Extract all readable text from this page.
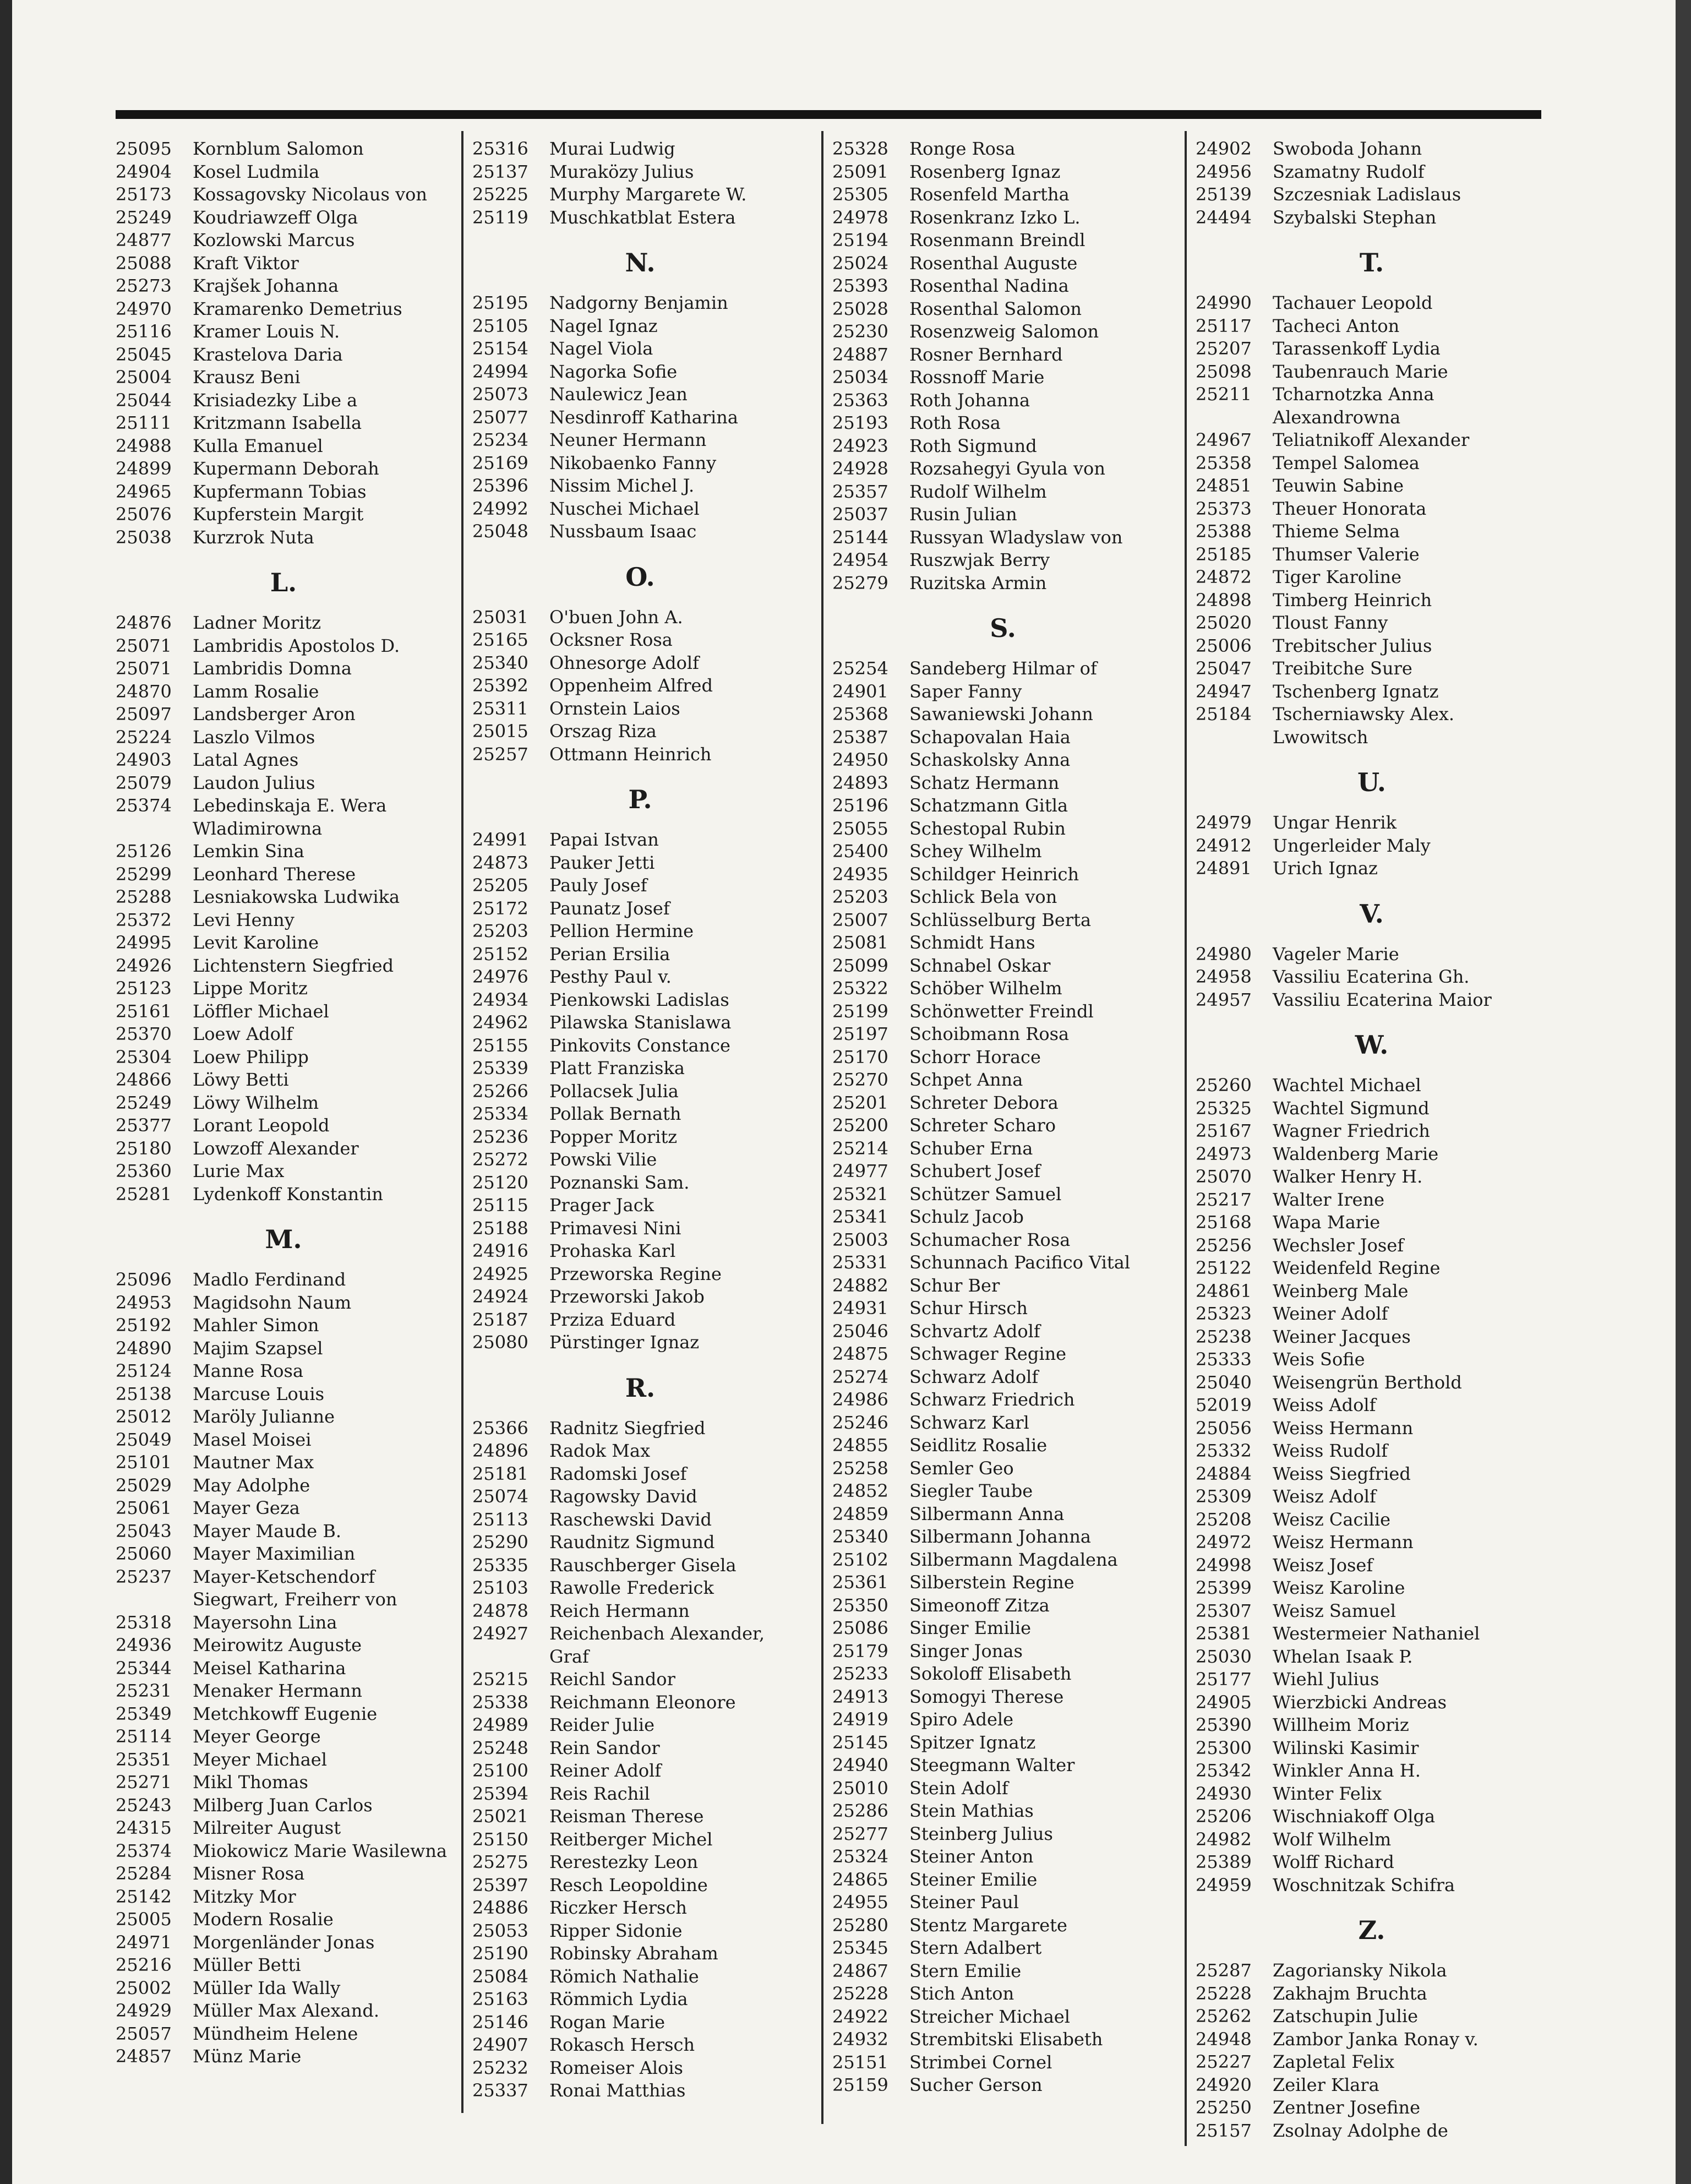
25095	Kornblum Salomon
24904	Kosel Ludmila
25173	Kossagovsky Nicolaus von
25249	Koudriawzeff Olga
24877	Kozlowski Marcus
25088	Kraft Viktor
25273	Krajšek Johanna
24970	Kramarenko Demetrius
25116	Kramer Louis N.
25045	Krastelova Daria
25004	Krausz Beni
25044	Krisiadezky Libe a
25111	Kritzmann Isabella
24988	Kulla Emanuel
24899	Kupermann Deborah
24965	Kupfermann Tobias
25076	Kupferstein Margit
25038	Kurzrok Nuta
L.
24876	Ladner Moritz
25071	Lambridis Apostolos D.
25071	Lambridis Domna
24870	Lamm Rosalie
25097	Landsberger Aron
25224	Laszlo Vilmos
24903	Latal Agnes
25079	Laudon Julius
25374	Lebedinskaja E. Wera Wladimirowna
25126	Lemkin Sina
25299	Leonhard Therese
25288	Lesniakowska Ludwika
25372	Levi Henny
24995	Levit Karoline
24926	Lichtenstern Siegfried
25123	Lippe Moritz
25161	Löffler Michael
25370	Loew Adolf
25304	Loew Philipp
24866	Löwy Betti
25249	Löwy Wilhelm
25377	Lorant Leopold
25180	Lowzoff Alexander
25360	Lurie Max
25281	Lydenkoff Konstantin
M.
25096	Madlo Ferdinand
24953	Magidsohn Naum
25192	Mahler Simon
24890	Majim Szapsel
25124	Manne Rosa
25138	Marcuse Louis
25012	Maröly Julianne
25049	Masel Moisei
25101	Mautner Max
25029	May Adolphe
25061	Mayer Geza
25043	Mayer Maude B.
25060	Mayer Maximilian
25237	Mayer-Ketschendorf Siegwart, Freiherr von
25318	Mayersohn Lina
24936	Meirowitz Auguste
25344	Meisel Katharina
25231	Menaker Hermann
25349	Metchkowff Eugenie
25114	Meyer George
25351	Meyer Michael
25271	Mikl Thomas
25243	Milberg Juan Carlos
24315	Milreiter August
25374	Miokowicz Marie Wasilewna
25284	Misner Rosa
25142	Mitzky Mor
25005	Modern Rosalie
24971	Morgenländer Jonas
25216	Müller Betti
25002	Müller Ida Wally
24929	Müller Max Alexand.
25057	Mündheim Helene
24857	Münz Marie
25316	Murai Ludwig
25137	Muraközy Julius
25225	Murphy Margarete W.
25119	Muschkatblat Estera
N.
25195	Nadgorny Benjamin
25105	Nagel Ignaz
25154	Nagel Viola
24994	Nagorka Sofie
25073	Naulewicz Jean
25077	Nesdinroff Katharina
25234	Neuner Hermann
25169	Nikobaenko Fanny
25396	Nissim Michel J.
24992	Nuschei Michael
25048	Nussbaum Isaac
O.
25031	O'buen John A.
25165	Ocksner Rosa
25340	Ohnesorge Adolf
25392	Oppenheim Alfred
25311	Ornstein Laios
25015	Orszag Riza
25257	Ottmann Heinrich
P.
24991	Papai Istvan
24873	Pauker Jetti
25205	Pauly Josef
25172	Paunatz Josef
25203	Pellion Hermine
25152	Perian Ersilia
24976	Pesthy Paul v.
24934	Pienkowski Ladislas
24962	Pilawska Stanislawa
25155	Pinkovits Constance
25339	Platt Franziska
25266	Pollacsek Julia
25334	Pollak Bernath
25236	Popper Moritz
25272	Powski Vilie
25120	Poznanski Sam.
25115	Prager Jack
25188	Primavesi Nini
24916	Prohaska Karl
24925	Przeworska Regine
24924	Przeworski Jakob
25187	Prziza Eduard
25080	Pürstinger Ignaz
R.
25366	Radnitz Siegfried
24896	Radok Max
25181	Radomski Josef
25074	Ragowsky David
25113	Raschewski David
25290	Raudnitz Sigmund
25335	Rauschberger Gisela
25103	Rawolle Frederick
24878	Reich Hermann
24927	Reichenbach Alexander, Graf
25215	Reichl Sandor
25338	Reichmann Eleonore
24989	Reider Julie
25248	Rein Sandor
25100	Reiner Adolf
25394	Reis Rachil
25021	Reisman Therese
25150	Reitberger Michel
25275	Rerestezky Leon
25397	Resch Leopoldine
24886	Riczker Hersch
25053	Ripper Sidonie
25190	Robinsky Abraham
25084	Römich Nathalie
25163	Römmich Lydia
25146	Rogan Marie
24907	Rokasch Hersch
25232	Romeiser Alois
25337	Ronai Matthias
25328	Ronge Rosa
25091	Rosenberg Ignaz
25305	Rosenfeld Martha
24978	Rosenkranz Izko L.
25194	Rosenmann Breindl
25024	Rosenthal Auguste
25393	Rosenthal Nadina
25028	Rosenthal Salomon
25230	Rosenzweig Salomon
24887	Rosner Bernhard
25034	Rossnoff Marie
25363	Roth Johanna
25193	Roth Rosa
24923	Roth Sigmund
24928	Rozsahegyi Gyula von
25357	Rudolf Wilhelm
25037	Rusin Julian
25144	Russyan Wladyslaw von
24954	Ruszwjak Berry
25279	Ruzitska Armin
S.
25254	Sandeberg Hilmar of
24901	Saper Fanny
25368	Sawaniewski Johann
25387	Schapovalan Haia
24950	Schaskolsky Anna
24893	Schatz Hermann
25196	Schatzmann Gitla
25055	Schestopal Rubin
25400	Schey Wilhelm
24935	Schildger Heinrich
25203	Schlick Bela von
25007	Schlüsselburg Berta
25081	Schmidt Hans
25099	Schnabel Oskar
25322	Schöber Wilhelm
25199	Schönwetter Freindl
25197	Schoibmann Rosa
25170	Schorr Horace
25270	Schpet Anna
25201	Schreter Debora
25200	Schreter Scharo
25214	Schuber Erna
24977	Schubert Josef
25321	Schützer Samuel
25341	Schulz Jacob
25003	Schumacher Rosa
25331	Schunnach Pacifico Vital
24882	Schur Ber
24931	Schur Hirsch
25046	Schvartz Adolf
24875	Schwager Regine
25274	Schwarz Adolf
24986	Schwarz Friedrich
25246	Schwarz Karl
24855	Seidlitz Rosalie
25258	Semler Geo
24852	Siegler Taube
24859	Silbermann Anna
25340	Silbermann Johanna
25102	Silbermann Magdalena
25361	Silberstein Regine
25350	Simeonoff Zitza
25086	Singer Emilie
25179	Singer Jonas
25233	Sokoloff Elisabeth
24913	Somogyi Therese
24919	Spiro Adele
25145	Spitzer Ignatz
24940	Steegmann Walter
25010	Stein Adolf
25286	Stein Mathias
25277	Steinberg Julius
25324	Steiner Anton
24865	Steiner Emilie
24955	Steiner Paul
25280	Stentz Margarete
25345	Stern Adalbert
24867	Stern Emilie
25228	Stich Anton
24922	Streicher Michael
24932	Strembitski Elisabeth
25151	Strimbei Cornel
25159	Sucher Gerson
24902	Swoboda Johann
24956	Szamatny Rudolf
25139	Szczesniak Ladislaus
24494	Szybalski Stephan
T.
24990	Tachauer Leopold
25117	Tacheci Anton
25207	Tarassenkoff Lydia
25098	Taubenrauch Marie
25211	Tcharnotzka Anna Alexandrowna
24967	Teliatnikoff Alexander
25358	Tempel Salomea
24851	Teuwin Sabine
25373	Theuer Honorata
25388	Thieme Selma
25185	Thumser Valerie
24872	Tiger Karoline
24898	Timberg Heinrich
25020	Tloust Fanny
25006	Trebitscher Julius
25047	Treibitche Sure
24947	Tschenberg Ignatz
25184	Tscherniawsky Alex. Lwowitsch
U.
24979	Ungar Henrik
24912	Ungerleider Maly
24891	Urich Ignaz
V.
24980	Vageler Marie
24958	Vassiliu Ecaterina Gh.
24957	Vassiliu Ecaterina Maior
W.
25260	Wachtel Michael
25325	Wachtel Sigmund
25167	Wagner Friedrich
24973	Waldenberg Marie
25070	Walker Henry H.
25217	Walter Irene
25168	Wapa Marie
25256	Wechsler Josef
25122	Weidenfeld Regine
24861	Weinberg Male
25323	Weiner Adolf
25238	Weiner Jacques
25333	Weis Sofie
25040	Weisengrün Berthold
52019	Weiss Adolf
25056	Weiss Hermann
25332	Weiss Rudolf
24884	Weiss Siegfried
25309	Weisz Adolf
25208	Weisz Cacilie
24972	Weisz Hermann
24998	Weisz Josef
25399	Weisz Karoline
25307	Weisz Samuel
25381	Westermeier Nathaniel
25030	Whelan Isaak P.
25177	Wiehl Julius
24905	Wierzbicki Andreas
25390	Willheim Moriz
25300	Wilinski Kasimir
25342	Winkler Anna H.
24930	Winter Felix
25206	Wischniakoff Olga
24982	Wolf Wilhelm
25389	Wolff Richard
24959	Woschnitzak Schifra
Z.
25287	Zagoriansky Nikola
25228	Zakhajm Bruchta
25262	Zatschupin Julie
24948	Zambor Janka Ronay v.
25227	Zapletal Felix
24920	Zeiler Klara
25250	Zentner Josefine
25157	Zsolnay Adolphe de
